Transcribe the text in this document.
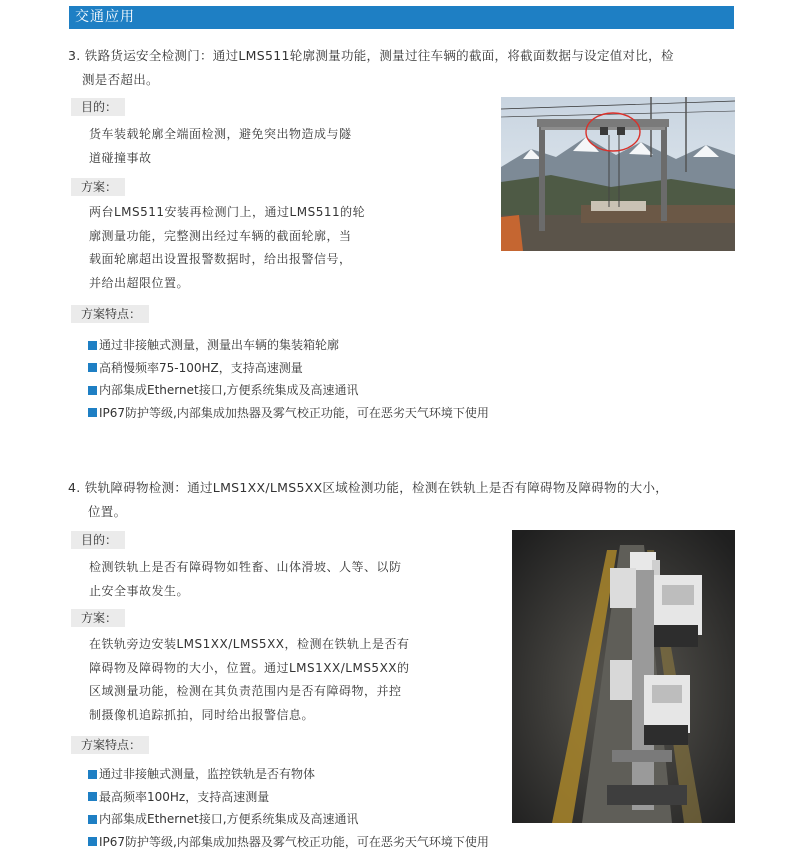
交通应用
3. 铁路货运安全检测门：通过LMS511轮廓测量功能，测量过往车辆的截面，将截面数据与设定值对比，检
测是否超出。
目的：
货车装载轮廓全端面检测，避免突出物造成与隧
道碰撞事故
方案：
两台LMS511安装再检测门上，通过LMS511的轮
廓测量功能，完整测出经过车辆的截面轮廓，当
载面轮廓超出设置报警数据时，给出报警信号，
并给出超限位置。
方案特点：
通过非接触式测量，测量出车辆的集装箱轮廓
高稍慢频率75-100HZ，支持高速测量
内部集成Ethernet接口,方便系统集成及高速通讯
IP67防护等级,内部集成加热器及雾气校正功能，可在恶劣天气环境下使用
4. 铁轨障碍物检测：通过LMS1XX/LMS5XX区域检测功能，检测在铁轨上是否有障碍物及障碍物的大小，
位置。
目的：
检测铁轨上是否有障碍物如牲畜、山体滑坡、人等、以防
止安全事故发生。
方案：
在铁轨旁边安装LMS1XX/LMS5XX，检测在铁轨上是否有
障碍物及障碍物的大小，位置。通过LMS1XX/LMS5XX的
区域测量功能，检测在其负责范围内是否有障碍物，并控
制摄像机追踪抓拍，同时给出报警信息。
方案特点：
通过非接触式测量，监控铁轨是否有物体
最高频率100Hz，支持高速测量
内部集成Ethernet接口,方便系统集成及高速通讯
IP67防护等级,内部集成加热器及雾气校正功能，可在恶劣天气环境下使用
